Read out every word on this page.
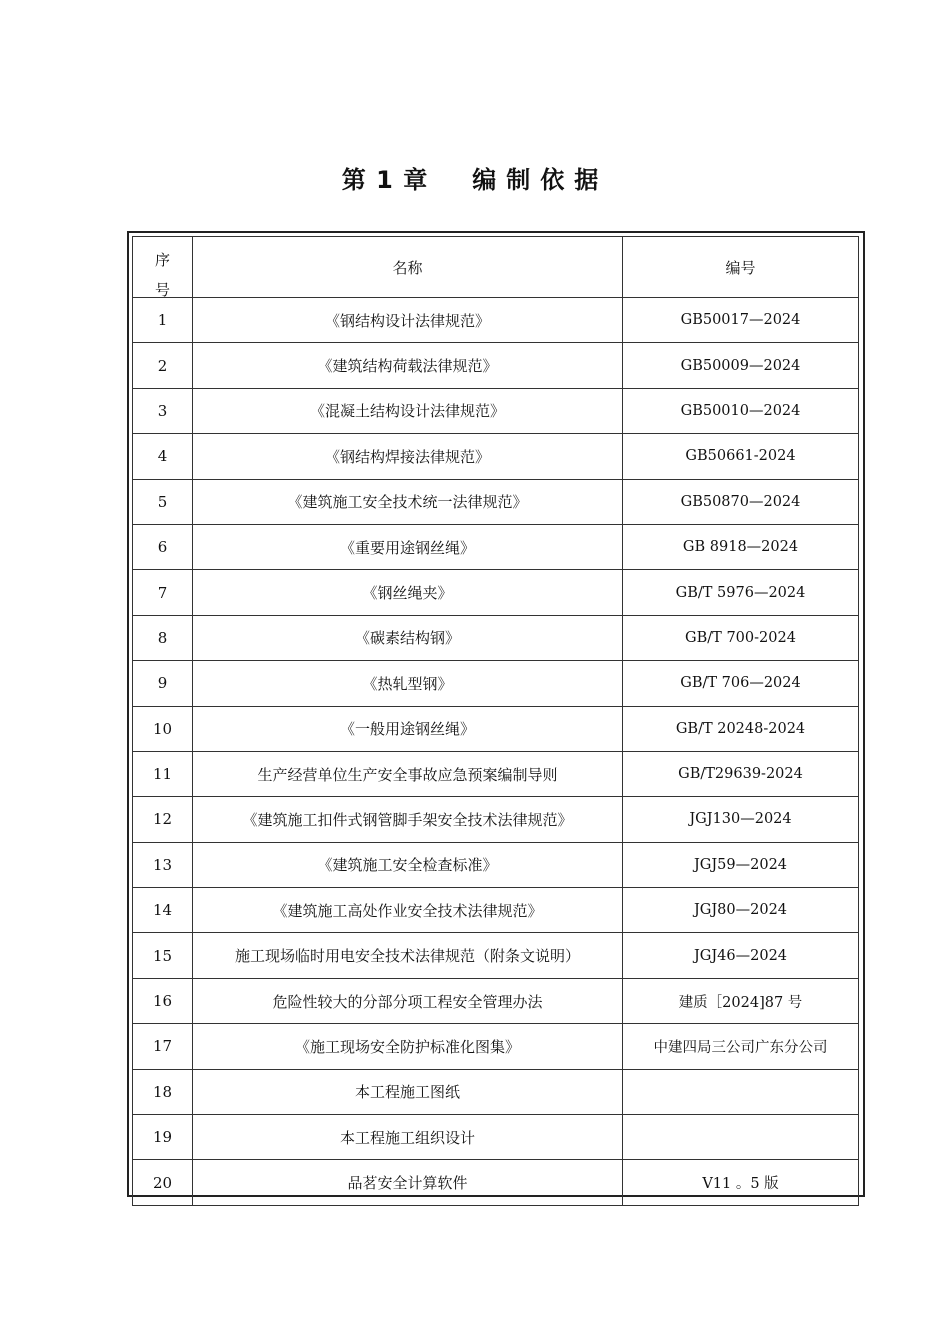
第 1 章 编制依据
序号	名称	编号
1	《钢结构设计法律规范》	GB50017—2024
2	《建筑结构荷载法律规范》	GB50009—2024
3	《混凝土结构设计法律规范》	GB50010—2024
4	《钢结构焊接法律规范》	GB50661-2024
5	《建筑施工安全技术统一法律规范》	GB50870—2024
6	《重要用途钢丝绳》	GB 8918—2024
7	《钢丝绳夹》	GB/T 5976—2024
8	《碳素结构钢》	GB/T 700-2024
9	《热轧型钢》	GB/T 706—2024
10	《一般用途钢丝绳》	GB/T 20248-2024
11	生产经营单位生产安全事故应急预案编制导则	GB/T29639-2024
12	《建筑施工扣件式钢管脚手架安全技术法律规范》	JGJ130—2024
13	《建筑施工安全检查标准》	JGJ59—2024
14	《建筑施工高处作业安全技术法律规范》	JGJ80—2024
15	施工现场临时用电安全技术法律规范（附条文说明）	JGJ46—2024
16	危险性较大的分部分项工程安全管理办法	建质［2024]87 号
17	《施工现场安全防护标准化图集》	中建四局三公司广东分公司
18	本工程施工图纸	
19	本工程施工组织设计	
20	品茗安全计算软件	V11 。5 版
